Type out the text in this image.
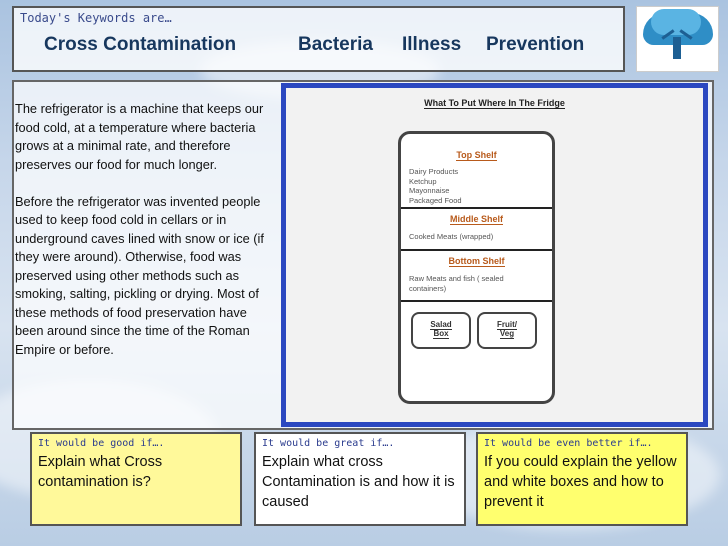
Today's Keywords are…
Cross Contamination	Bacteria Illness Prevention

The refrigerator is a machine that keeps our food cold, at a temperature where bacteria grows at a minimal rate, and therefore preserves our food for much longer.

Before the refrigerator was invented people used to keep food cold in cellars or in underground caves lined with snow or ice (if they were around). Otherwise, food was preserved using other methods such as smoking, salting, pickling or drying. Most of these methods of food preservation have been around since the time of the Roman Empire or before.

What To Put Where In The Fridge
Top Shelf
Dairy Products
Ketchup
Mayonnaise
Packaged Food
Middle Shelf
Cooked Meats (wrapped)
Bottom Shelf
Raw Meats and fish ( sealed containers)
Salad
Box
Fruit/
Veg
It would be good if….
Explain what Cross contamination is?
It would be great if….
Explain what cross Contamination is and how it is caused
It would be even better if….
If you could explain the yellow and white boxes and how to prevent it
